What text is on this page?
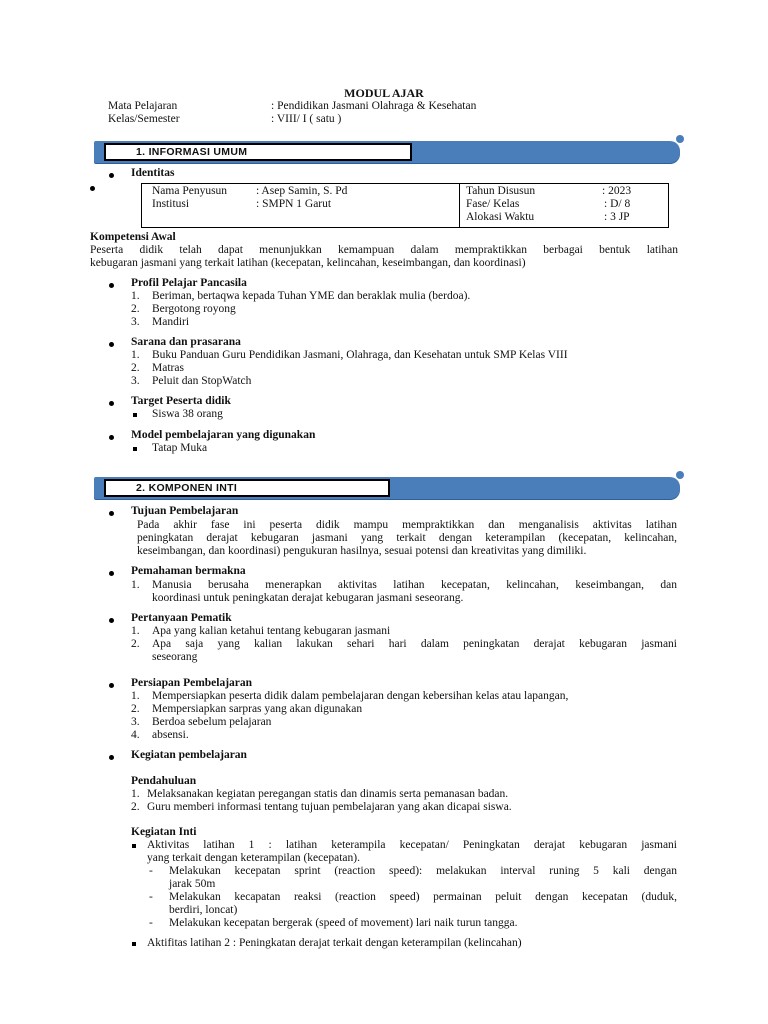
MODUL AJAR
Mata Pelajaran	: Pendidikan Jasmani Olahraga & Kesehatan
Kelas/Semester	: VIII/ I ( satu )
1. INFORMASI UMUM
Identitas
Nama Penyusun	: Asep Samin, S. Pd
Institusi	: SMPN 1 Garut
Tahun Disusun	: 2023
Fase/ Kelas	: D/ 8
Alokasi Waktu	: 3 JP
Kompetensi Awal
Peserta didik telah dapat menunjukkan kemampuan dalam mempraktikkan berbagai bentuk latihan
kebugaran jasmani yang terkait latihan (kecepatan, kelincahan, keseimbangan, dan koordinasi)
Profil Pelajar Pancasila
1. Beriman, bertaqwa kepada Tuhan YME dan beraklak mulia (berdoa).
2. Bergotong royong
3. Mandiri
Sarana dan prasarana
1. Buku Panduan Guru Pendidikan Jasmani, Olahraga, dan Kesehatan untuk SMP Kelas VIII
2. Matras
3. Peluit dan StopWatch
Target Peserta didik
Siswa 38 orang
Model pembelajaran yang digunakan
Tatap Muka
2. KOMPONEN INTI
Tujuan Pembelajaran
Pada akhir fase ini peserta didik mampu mempraktikkan dan menganalisis aktivitas latihan
peningkatan derajat kebugaran jasmani yang terkait dengan keterampilan (kecepatan, kelincahan,
keseimbangan, dan koordinasi) pengukuran hasilnya, sesuai potensi dan kreativitas yang dimiliki.
Pemahaman bermakna
1. Manusia berusaha menerapkan aktivitas latihan kecepatan, kelincahan, keseimbangan, dan
koordinasi untuk peningkatan derajat kebugaran jasmani seseorang.
Pertanyaan Pematik
1. Apa yang kalian ketahui tentang kebugaran jasmani
2. Apa saja yang kalian lakukan sehari hari dalam peningkatan derajat kebugaran jasmani
seseorang
Persiapan Pembelajaran
1. Mempersiapkan peserta didik dalam pembelajaran dengan kebersihan kelas atau lapangan,
2. Mempersiapkan sarpras yang akan digunakan
3. Berdoa sebelum pelajaran
4. absensi.
Kegiatan pembelajaran
Pendahuluan
1. Melaksanakan kegiatan peregangan statis dan dinamis serta pemanasan badan.
2. Guru memberi informasi tentang tujuan pembelajaran yang akan dicapai siswa.
Kegiatan Inti
Aktivitas latihan 1 : latihan keterampila kecepatan/ Peningkatan derajat kebugaran jasmani
yang terkait dengan keterampilan (kecepatan).
- Melakukan kecepatan sprint (reaction speed): melakukan interval runing 5 kali dengan
jarak 50m
- Melakukan kecapatan reaksi (reaction speed) permainan peluit dengan kecepatan (duduk,
berdiri, loncat)
- Melakukan kecepatan bergerak (speed of movement) lari naik turun tangga.
Aktifitas latihan 2 : Peningkatan derajat terkait dengan keterampilan (kelincahan)
